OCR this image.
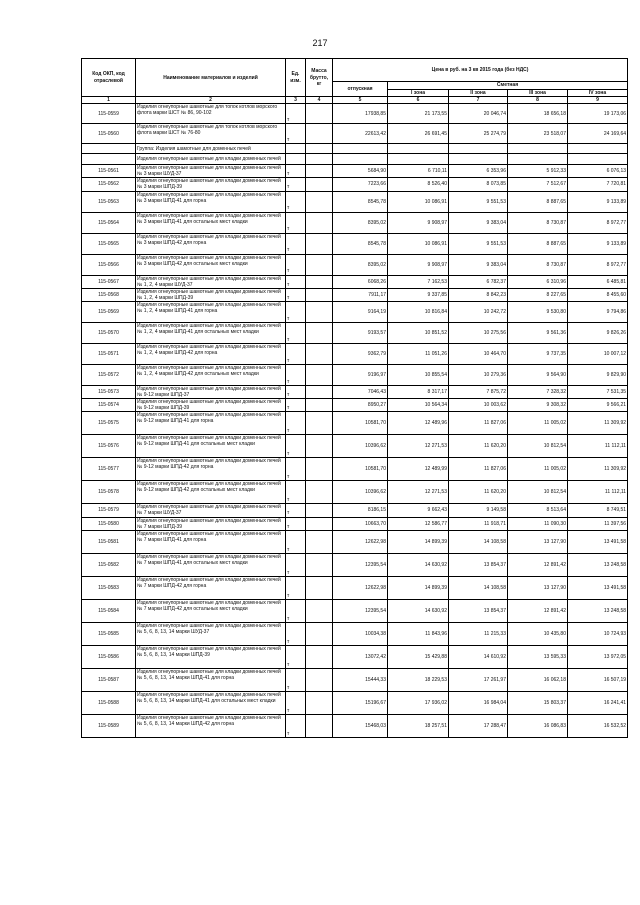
217
Код ОКП, код отраслевой	Наименование материалов и изделий	Ед. изм.	Масса брутто, кг	Цена в руб. на 3 кв 2015 года (без НДС)				
				отпускная	Сметная			
					I зона	II зона	III зона	IV зона
1	2	3	4	5	6	7	8	9
115-0559	Изделия огнеупорные шамотные для топок котлов морского флота марки ШСТ № 86, 90-102	т		17938,85	21 173,55	20 046,74	18 656,18	19 173,06
115-0560	Изделия огнеупорные шамотные для топок котлов морского флота марки ШСТ № 76-80	т		22613,42	26 691,45	25 274,79	23 518,07	24 169,64
	Группа: Изделия шамотные для доменных печей							
	Изделия огнеупорные шамотные для кладки доменных печей							
115-0561	Изделия огнеупорные шамотные для кладки доменных печей № 3 марки ШУД-37	т		5684,90	6 710,11	6 353,96	5 912,33	6 076,13
115-0562	Изделия огнеупорные шамотные для кладки доменных печей № 3 марки ШПД-39	т		7223,66	8 526,40	8 073,85	7 512,67	7 720,81
115-0563	Изделия огнеупорные шамотные для кладки доменных печей № 3 марки ШПД-41 для горна	т		8545,78	10 086,91	9 551,53	8 887,65	9 133,89
115-0564	Изделия огнеупорные шамотные для кладки доменных печей № 3 марки ШПД-41 для остальных мест кладки	т		8395,02	9 908,97	9 383,04	8 730,87	8 972,77
115-0565	Изделия огнеупорные шамотные для кладки доменных печей № 3 марки ШПД-42 для горна	т		8545,78	10 086,91	9 551,53	8 887,65	9 133,89
115-0566	Изделия огнеупорные шамотные для кладки доменных печей № 3 марки ШПД-42 для остальных мест кладки	т		8395,02	9 908,97	9 383,04	8 730,87	8 972,77
115-0567	Изделия огнеупорные шамотные для кладки доменных печей № 1, 2, 4 марки ШУД-37	т		6068,26	7 162,53	6 782,37	6 310,96	6 485,81
115-0568	Изделия огнеупорные шамотные для кладки доменных печей № 1, 2, 4 марки ШПД-39	т		7911,17	9 337,85	8 842,23	8 227,65	8 455,60
115-0569	Изделия огнеупорные шамотные для кладки доменных печей № 1, 2, 4 марки ШПД-41 для горна	т		9164,19	10 816,84	10 242,72	9 530,80	9 794,86
115-0570	Изделия огнеупорные шамотные для кладки доменных печей № 1, 2, 4 марки ШПД-41 для остальных мест кладки	т		9193,57	10 851,52	10 275,56	9 561,36	9 826,26
115-0571	Изделия огнеупорные шамотные для кладки доменных печей № 1, 2, 4 марки ШПД-42 для горна	т		9362,79	11 051,26	10 464,70	9 737,35	10 007,12
115-0572	Изделия огнеупорные шамотные для кладки доменных печей № 1, 2, 4 марки ШПД-42 для остальных мест кладки	т		9196,97	10 855,54	10 279,36	9 564,90	9 829,90
115-0573	Изделия огнеупорные шамотные для кладки доменных печей № 9-12 марки ШПД-37	т		7046,43	8 317,17	7 875,72	7 328,32	7 531,35
115-0574	Изделия огнеупорные шамотные для кладки доменных печей № 9-12 марки ШПД-39	т		8950,27	10 564,34	10 003,62	9 308,32	9 566,21
115-0575	Изделия огнеупорные шамотные для кладки доменных печей № 9-12 марки ШПД-41 для горна	т		10581,70	12 489,96	11 827,06	11 005,02	11 309,92
115-0576	Изделия огнеупорные шамотные для кладки доменных печей № 9-12 марки ШПД-41 для остальных мест кладки	т		10396,62	12 271,53	11 620,20	10 812,54	11 112,11
115-0577	Изделия огнеупорные шамотные для кладки доменных печей № 9-12 марки ШПД-42 для горна	т		10581,70	12 489,99	11 827,06	11 005,02	11 309,92
115-0578	Изделия огнеупорные шамотные для кладки доменных печей № 9-12 марки ШПД-42 для остальных мест кладки	т		10396,62	12 271,53	11 620,20	10 812,54	11 112,11
115-0579	Изделия огнеупорные шамотные для кладки доменных печей № 7 марки ШУД-37	т		8186,15	9 662,43	9 149,58	8 513,64	8 749,51
115-0580	Изделия огнеупорные шамотные для кладки доменных печей № 7 марки ШПД-39	т		10663,70	12 586,77	11 918,71	11 090,30	11 397,56
115-0581	Изделия огнеупорные шамотные для кладки доменных печей № 7 марки ШПД-41 для горна	т		12622,98	14 899,39	14 108,58	13 127,90	13 491,58
115-0582	Изделия огнеупорные шамотные для кладки доменных печей № 7 марки ШПД-41 для остальных мест кладки	т		12395,54	14 630,92	13 854,37	12 891,42	13 248,58
115-0583	Изделия огнеупорные шамотные для кладки доменных печей № 7 марки ШПД-42 для горна	т		12622,98	14 899,39	14 108,58	13 127,90	13 491,58
115-0584	Изделия огнеупорные шамотные для кладки доменных печей № 7 марки ШПД-42 для остальных мест кладки	т		12395,54	14 630,92	13 854,37	12 891,42	13 248,58
115-0585	Изделия огнеупорные шамотные для кладки доменных печей № 5, 6, 8, 13, 14 марки ШУД-37	т		10034,38	11 843,96	11 215,33	10 435,80	10 724,93
115-0586	Изделия огнеупорные шамотные для кладки доменных печей № 5, 6, 8, 13, 14 марки ШПД-39	т		13072,42	15 429,88	14 610,92	13 595,33	13 972,05
115-0587	Изделия огнеупорные шамотные для кладки доменных печей № 5, 6, 8, 13, 14 марки ШПД-41 для горна	т		15444,33	18 229,53	17 261,97	16 062,18	16 507,19
115-0588	Изделия огнеупорные шамотные для кладки доменных печей № 5, 6, 8, 13, 14 марки ШПД-41 для остальных мест кладки	т		15196,67	17 936,02	16 984,04	15 803,37	16 241,41
115-0589	Изделия огнеупорные шамотные для кладки доменных печей № 5, 6, 8, 13, 14 марки ШПД-42 для горна	т		15468,03	18 257,51	17 288,47	16 086,83	16 532,52
